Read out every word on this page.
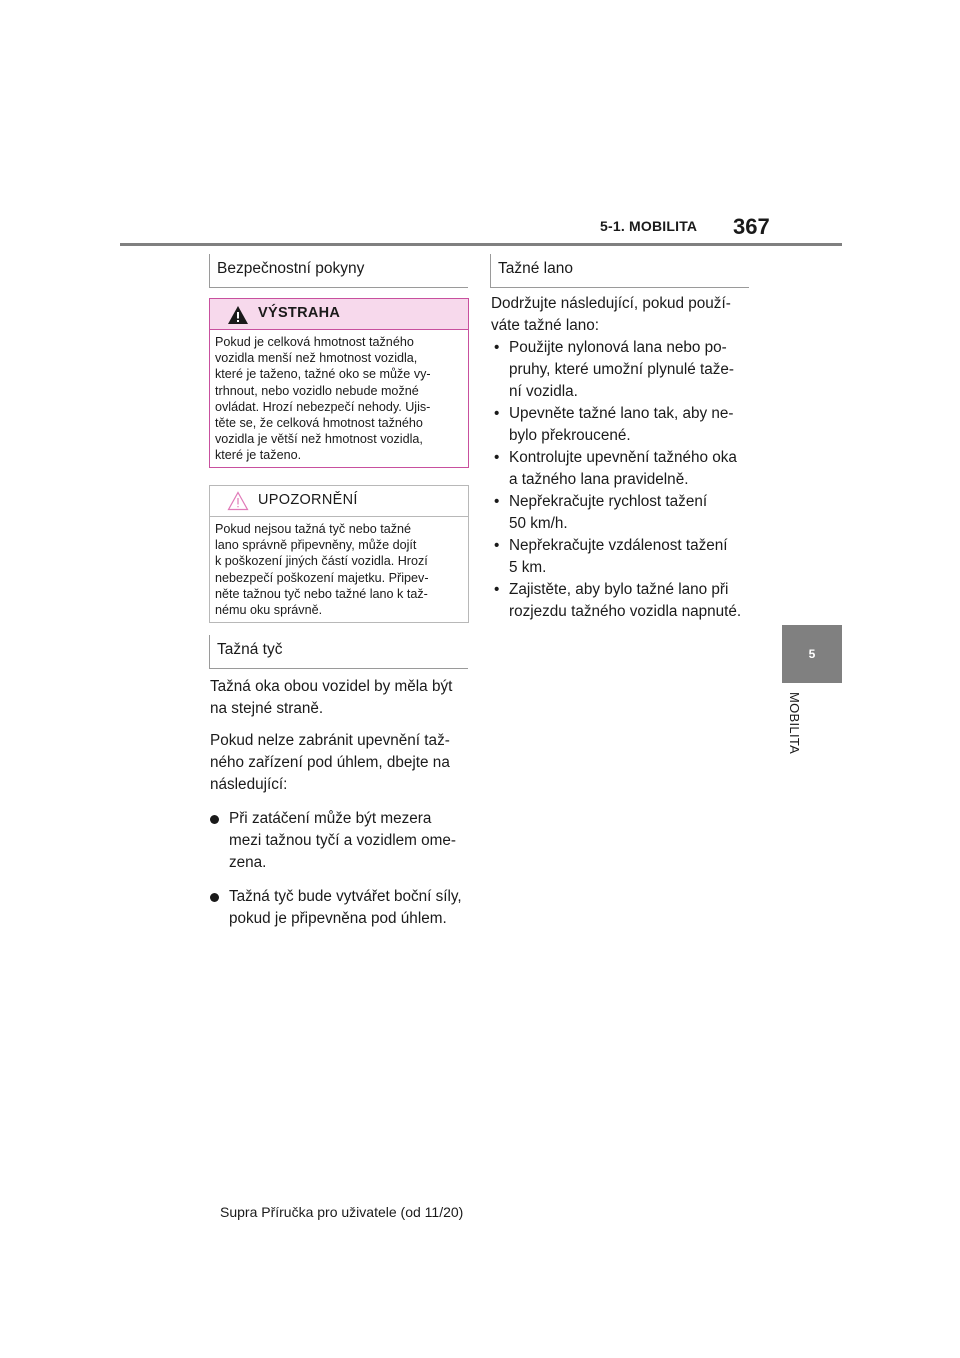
5-1. MOBILITA 367
5
MOBILITA
Bezpečnostní pokyny
VÝSTRAHA
Pokud je celková hmotnost tažného
vozidla menší než hmotnost vozidla,
které je taženo, tažné oko se může vy-
trhnout, nebo vozidlo nebude možné
ovládat. Hrozí nebezpečí nehody. Ujis-
těte se, že celková hmotnost tažného
vozidla je větší než hmotnost vozidla,
které je taženo.
UPOZORNĚNÍ
Pokud nejsou tažná tyč nebo tažné
lano správně připevněny, může dojít
k poškození jiných částí vozidla. Hrozí
nebezpečí poškození majetku. Připev-
něte tažnou tyč nebo tažné lano k taž-
nému oku správně.
Tažná tyč

Tažná oka obou vozidel by měla být
na stejné straně.

Pokud nelze zabránit upevnění taž-
ného zařízení pod úhlem, dbejte na
následující:

Při zatáčení může být mezera
mezi tažnou tyčí a vozidlem ome-
zena.
Tažná tyč bude vytvářet boční síly,
pokud je připevněna pod úhlem.
Tažné lano

Dodržujte následující, pokud použí-
váte tažné lano:

• Použijte nylonová lana nebo po-
pruhy, které umožní plynulé taže-
ní vozidla.
• Upevněte tažné lano tak, aby ne-
bylo překroucené.
• Kontrolujte upevnění tažného oka
a tažného lana pravidelně.
• Nepřekračujte rychlost tažení
50 km/h.
• Nepřekračujte vzdálenost tažení
5 km.
• Zajistěte, aby bylo tažné lano při
rozjezdu tažného vozidla napnuté.
Supra Příručka pro uživatele (od 11/20)
